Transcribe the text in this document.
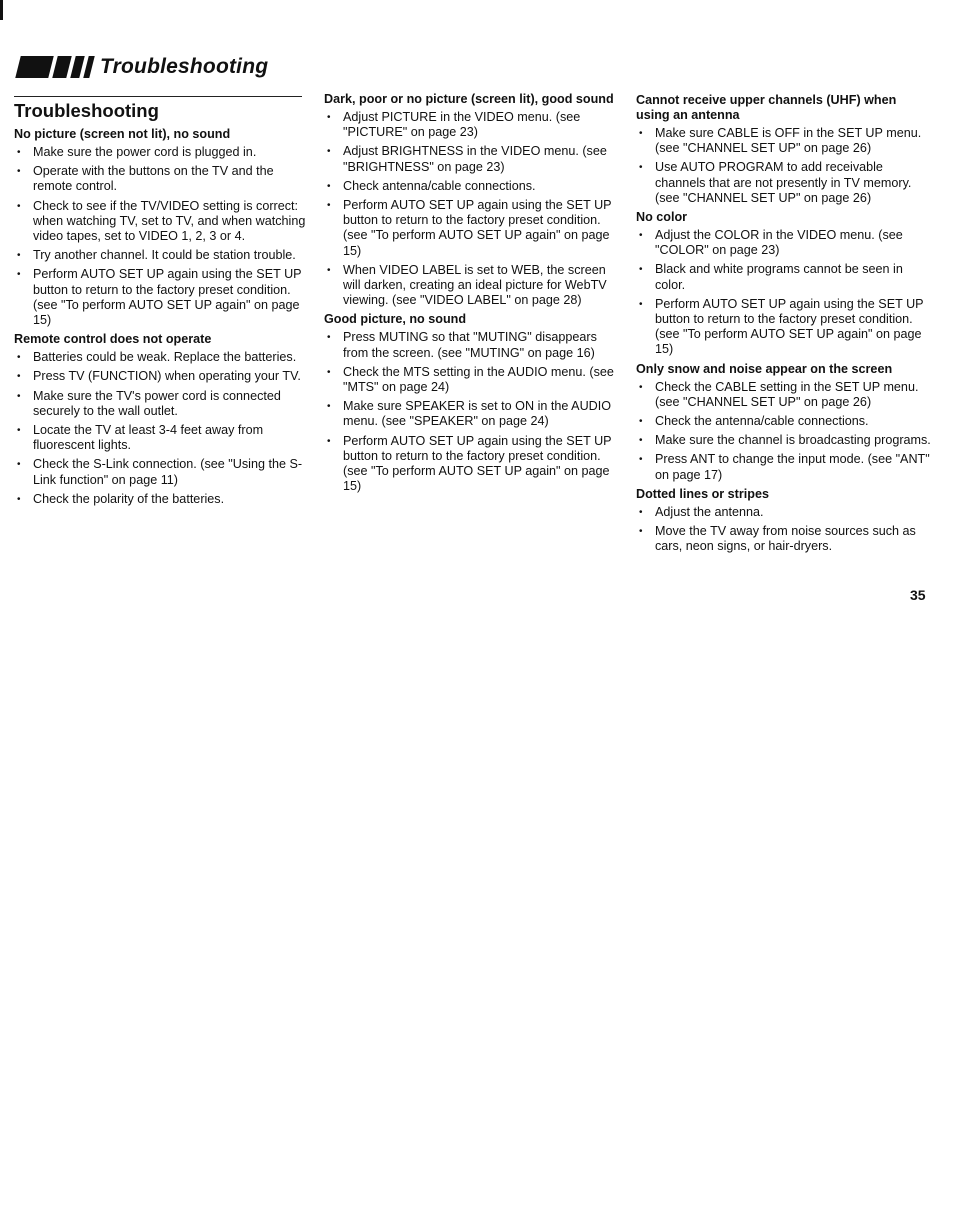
Troubleshooting
Troubleshooting
No picture (screen not lit), no sound
• Make sure the power cord is plugged in.
• Operate with the buttons on the TV and the remote control.
• Check to see if the TV/VIDEO setting is correct: when watching TV, set to TV, and when watching video tapes, set to VIDEO 1, 2, 3 or 4.
• Try another channel. It could be station trouble.
• Perform AUTO SET UP again using the SET UP button to return to the factory preset condition. (see "To perform AUTO SET UP again" on page 15)
Remote control does not operate
• Batteries could be weak. Replace the batteries.
• Press TV (FUNCTION) when operating your TV.
• Make sure the TV's power cord is connected securely to the wall outlet.
• Locate the TV at least 3-4 feet away from fluorescent lights.
• Check the S-Link connection. (see "Using the S-Link function" on page 11)
• Check the polarity of the batteries.
Dark, poor or no picture (screen lit), good sound
• Adjust PICTURE in the VIDEO menu. (see "PICTURE" on page 23)
• Adjust BRIGHTNESS in the VIDEO menu. (see "BRIGHTNESS" on page 23)
• Check antenna/cable connections.
• Perform AUTO SET UP again using the SET UP button to return to the factory preset condition. (see "To perform AUTO SET UP again" on page 15)
• When VIDEO LABEL is set to WEB, the screen will darken, creating an ideal picture for WebTV viewing. (see "VIDEO LABEL" on page 28)
Good picture, no sound
• Press MUTING so that "MUTING" disappears from the screen. (see "MUTING" on page 16)
• Check the MTS setting in the AUDIO menu. (see "MTS" on page 24)
• Make sure SPEAKER is set to ON in the AUDIO menu. (see "SPEAKER" on page 24)
• Perform AUTO SET UP again using the SET UP button to return to the factory preset condition. (see "To perform AUTO SET UP again" on page 15)
Cannot receive upper channels (UHF) when using an antenna
• Make sure CABLE is OFF in the SET UP menu. (see "CHANNEL SET UP" on page 26)
• Use AUTO PROGRAM to add receivable channels that are not presently in TV memory. (see "CHANNEL SET UP" on page 26)
No color
• Adjust the COLOR in the VIDEO menu. (see "COLOR" on page 23)
• Black and white programs cannot be seen in color.
• Perform AUTO SET UP again using the SET UP button to return to the factory preset condition. (see "To perform AUTO SET UP again" on page 15)
Only snow and noise appear on the screen
• Check the CABLE setting in the SET UP menu. (see "CHANNEL SET UP" on page 26)
• Check the antenna/cable connections.
• Make sure the channel is broadcasting programs.
• Press ANT to change the input mode. (see "ANT" on page 17)
Dotted lines or stripes
• Adjust the antenna.
• Move the TV away from noise sources such as cars, neon signs, or hair-dryers.
35
